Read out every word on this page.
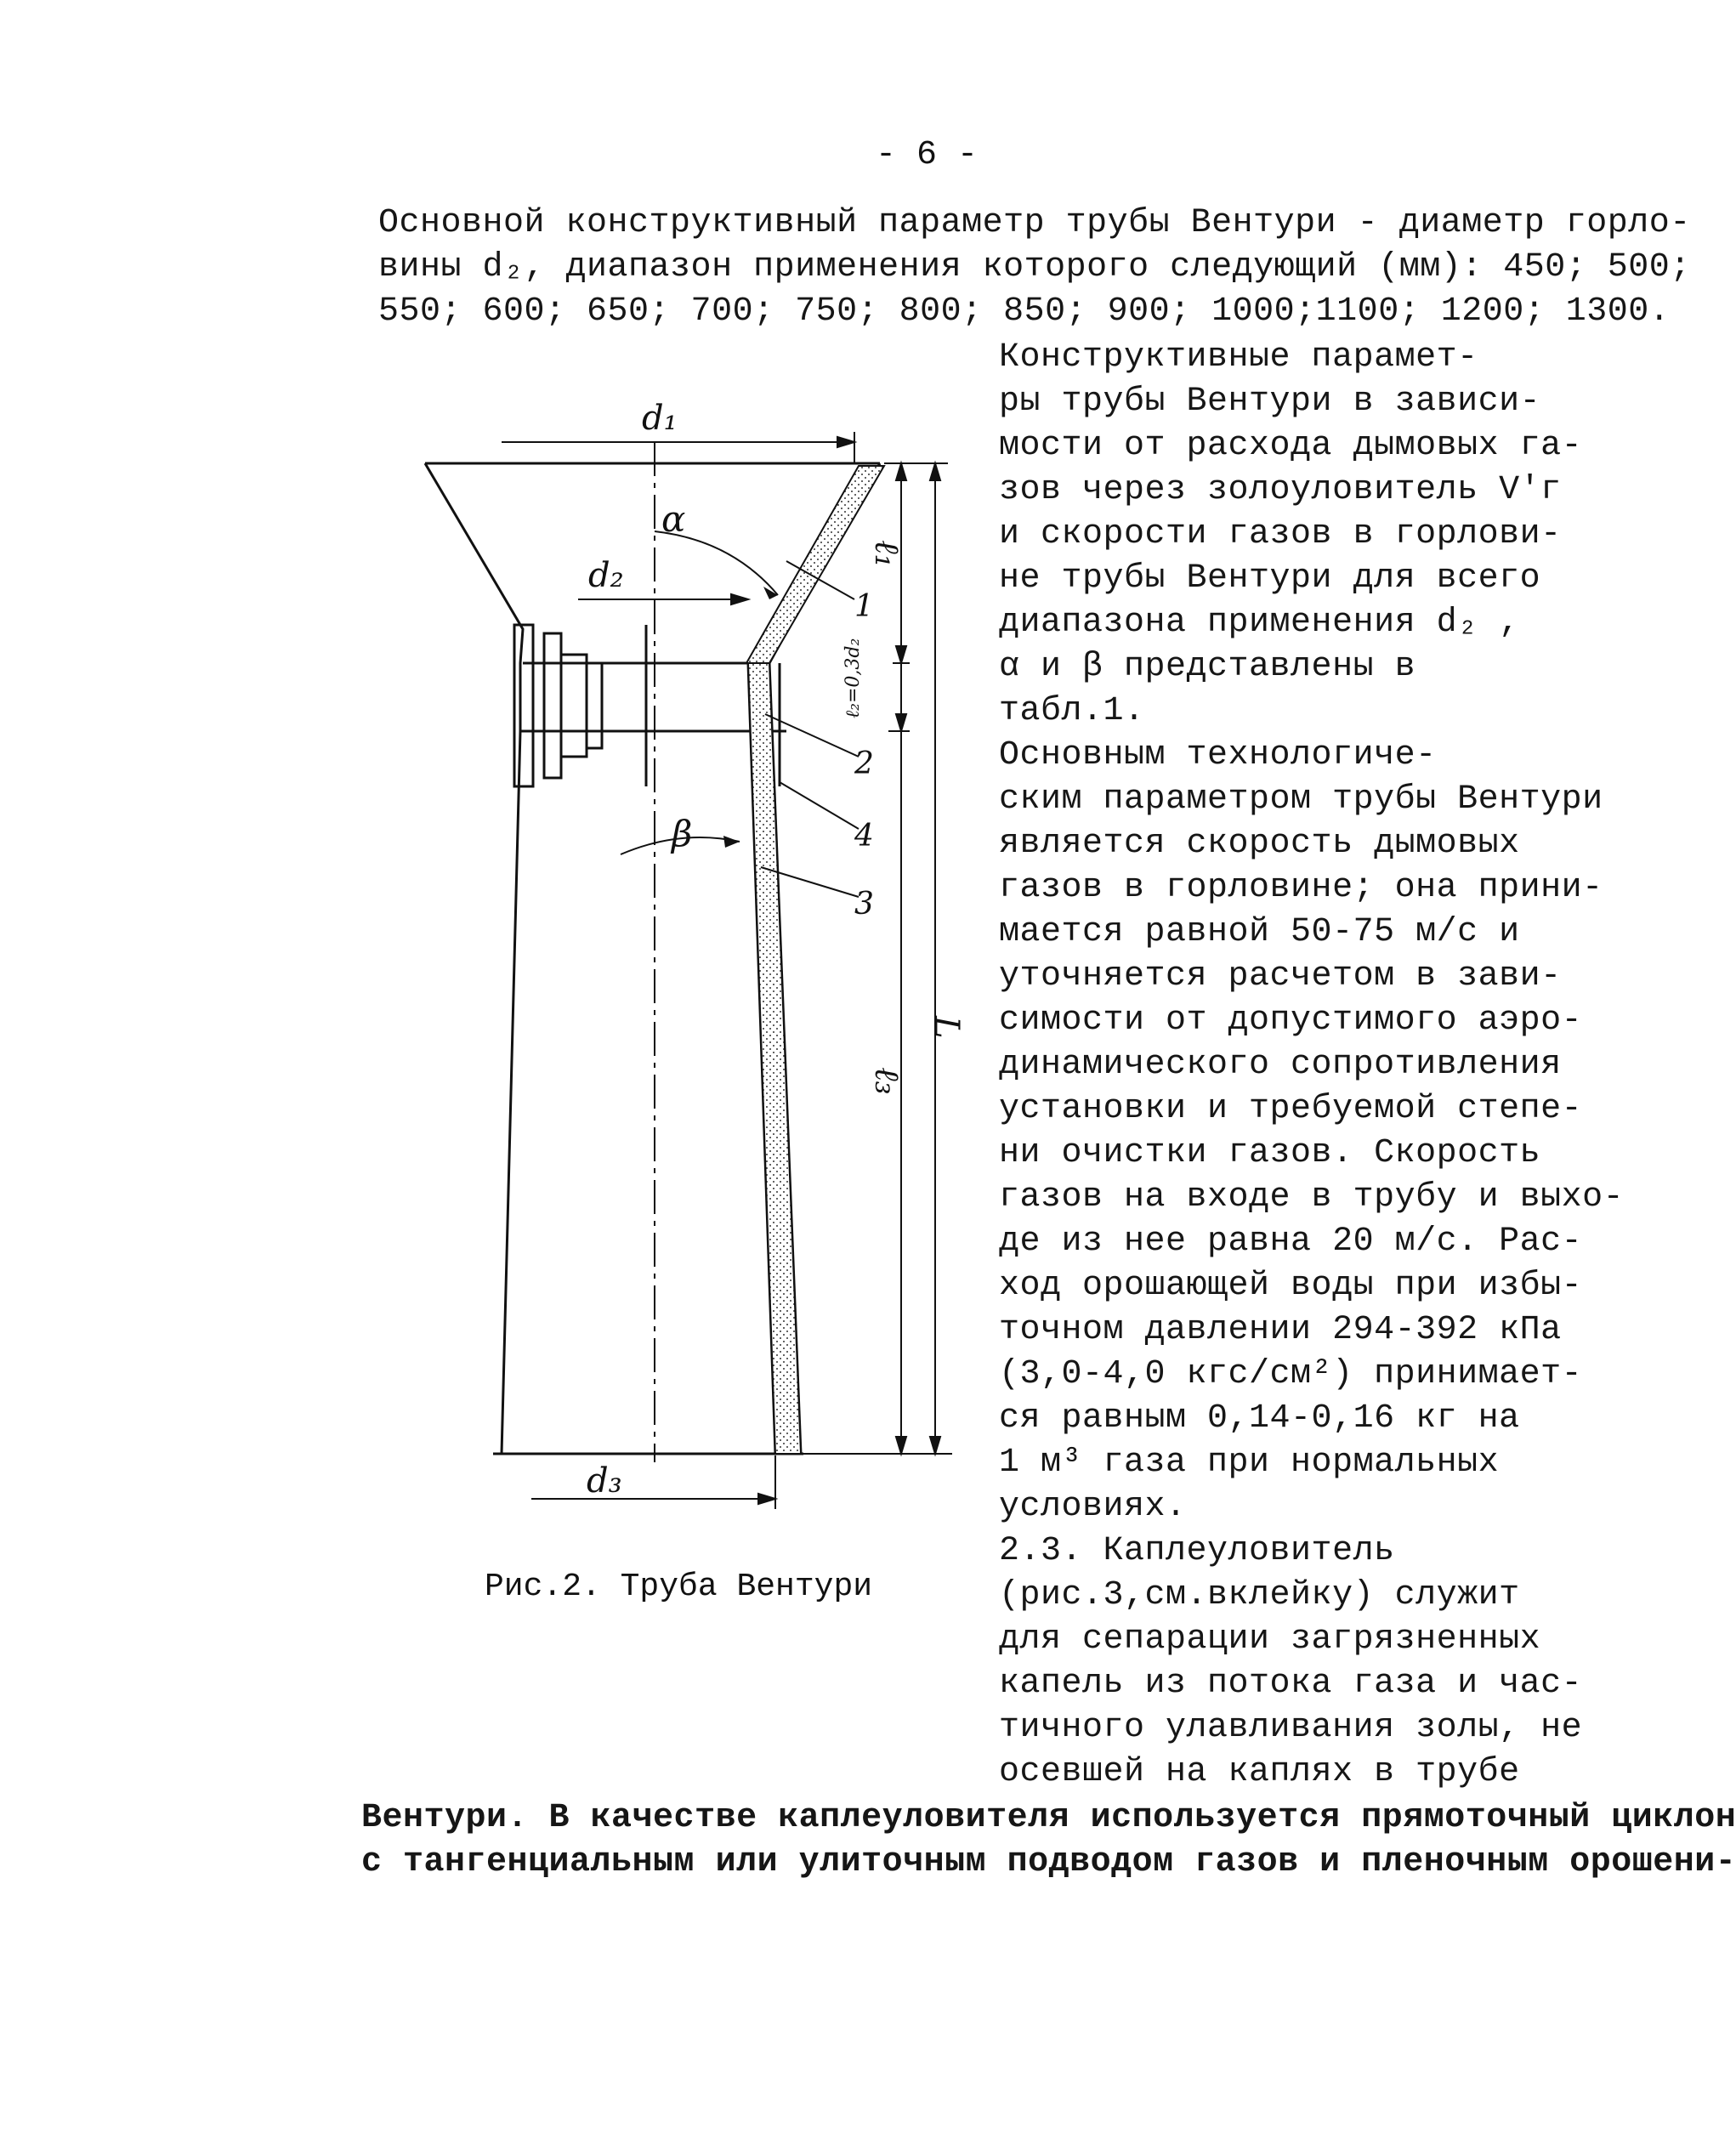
- 6 -
Основной конструктивный параметр трубы Вентури - диаметр горло-
вины d₂, диапазон применения которого следующий (мм): 450; 500;
550; 600; 650; 700; 750; 800; 850; 900; 1000;1100; 1200; 1300.
Конструктивные парамет-
ры трубы Вентури в зависи-
мости от расхода дымовых га-
зов через золоуловитель V'г
и скорости газов в горлови-
не трубы Вентури для всего
диапазона применения d₂ ,
α и β представлены в
табл.1.
Основным технологиче-
ским параметром трубы Вентури
является скорость дымовых
газов в горловине; она прини-
мается равной 50-75 м/с и
уточняется расчетом в зави-
симости от допустимого аэро-
динамического сопротивления
установки и требуемой степе-
ни очистки газов. Скорость
газов на входе в трубу и выхо-
де из нее равна 20 м/с. Рас-
ход орошающей воды при избы-
точном давлении 294-392 кПа
(3,0-4,0 кгс/см²) принимает-
ся равным 0,14-0,16 кг на
1 м³ газа при нормальных
условиях.
2.3. Каплеуловитель
(рис.3,см.вклейку) служит
для сепарации загрязненных
капель из потока газа и час-
тичного улавливания золы, не
осевшей на каплях в трубе
Вентури. В качестве каплеуловителя используется прямоточный циклон
с тангенциальным или улиточным подводом газов и пленочным орошени-
d₁
d₂
d₃
α
β
ℓ₁
ℓ₂=0,3d₂
ℓ₃
L
1
2
4
3
Рис.2. Труба Вентури
